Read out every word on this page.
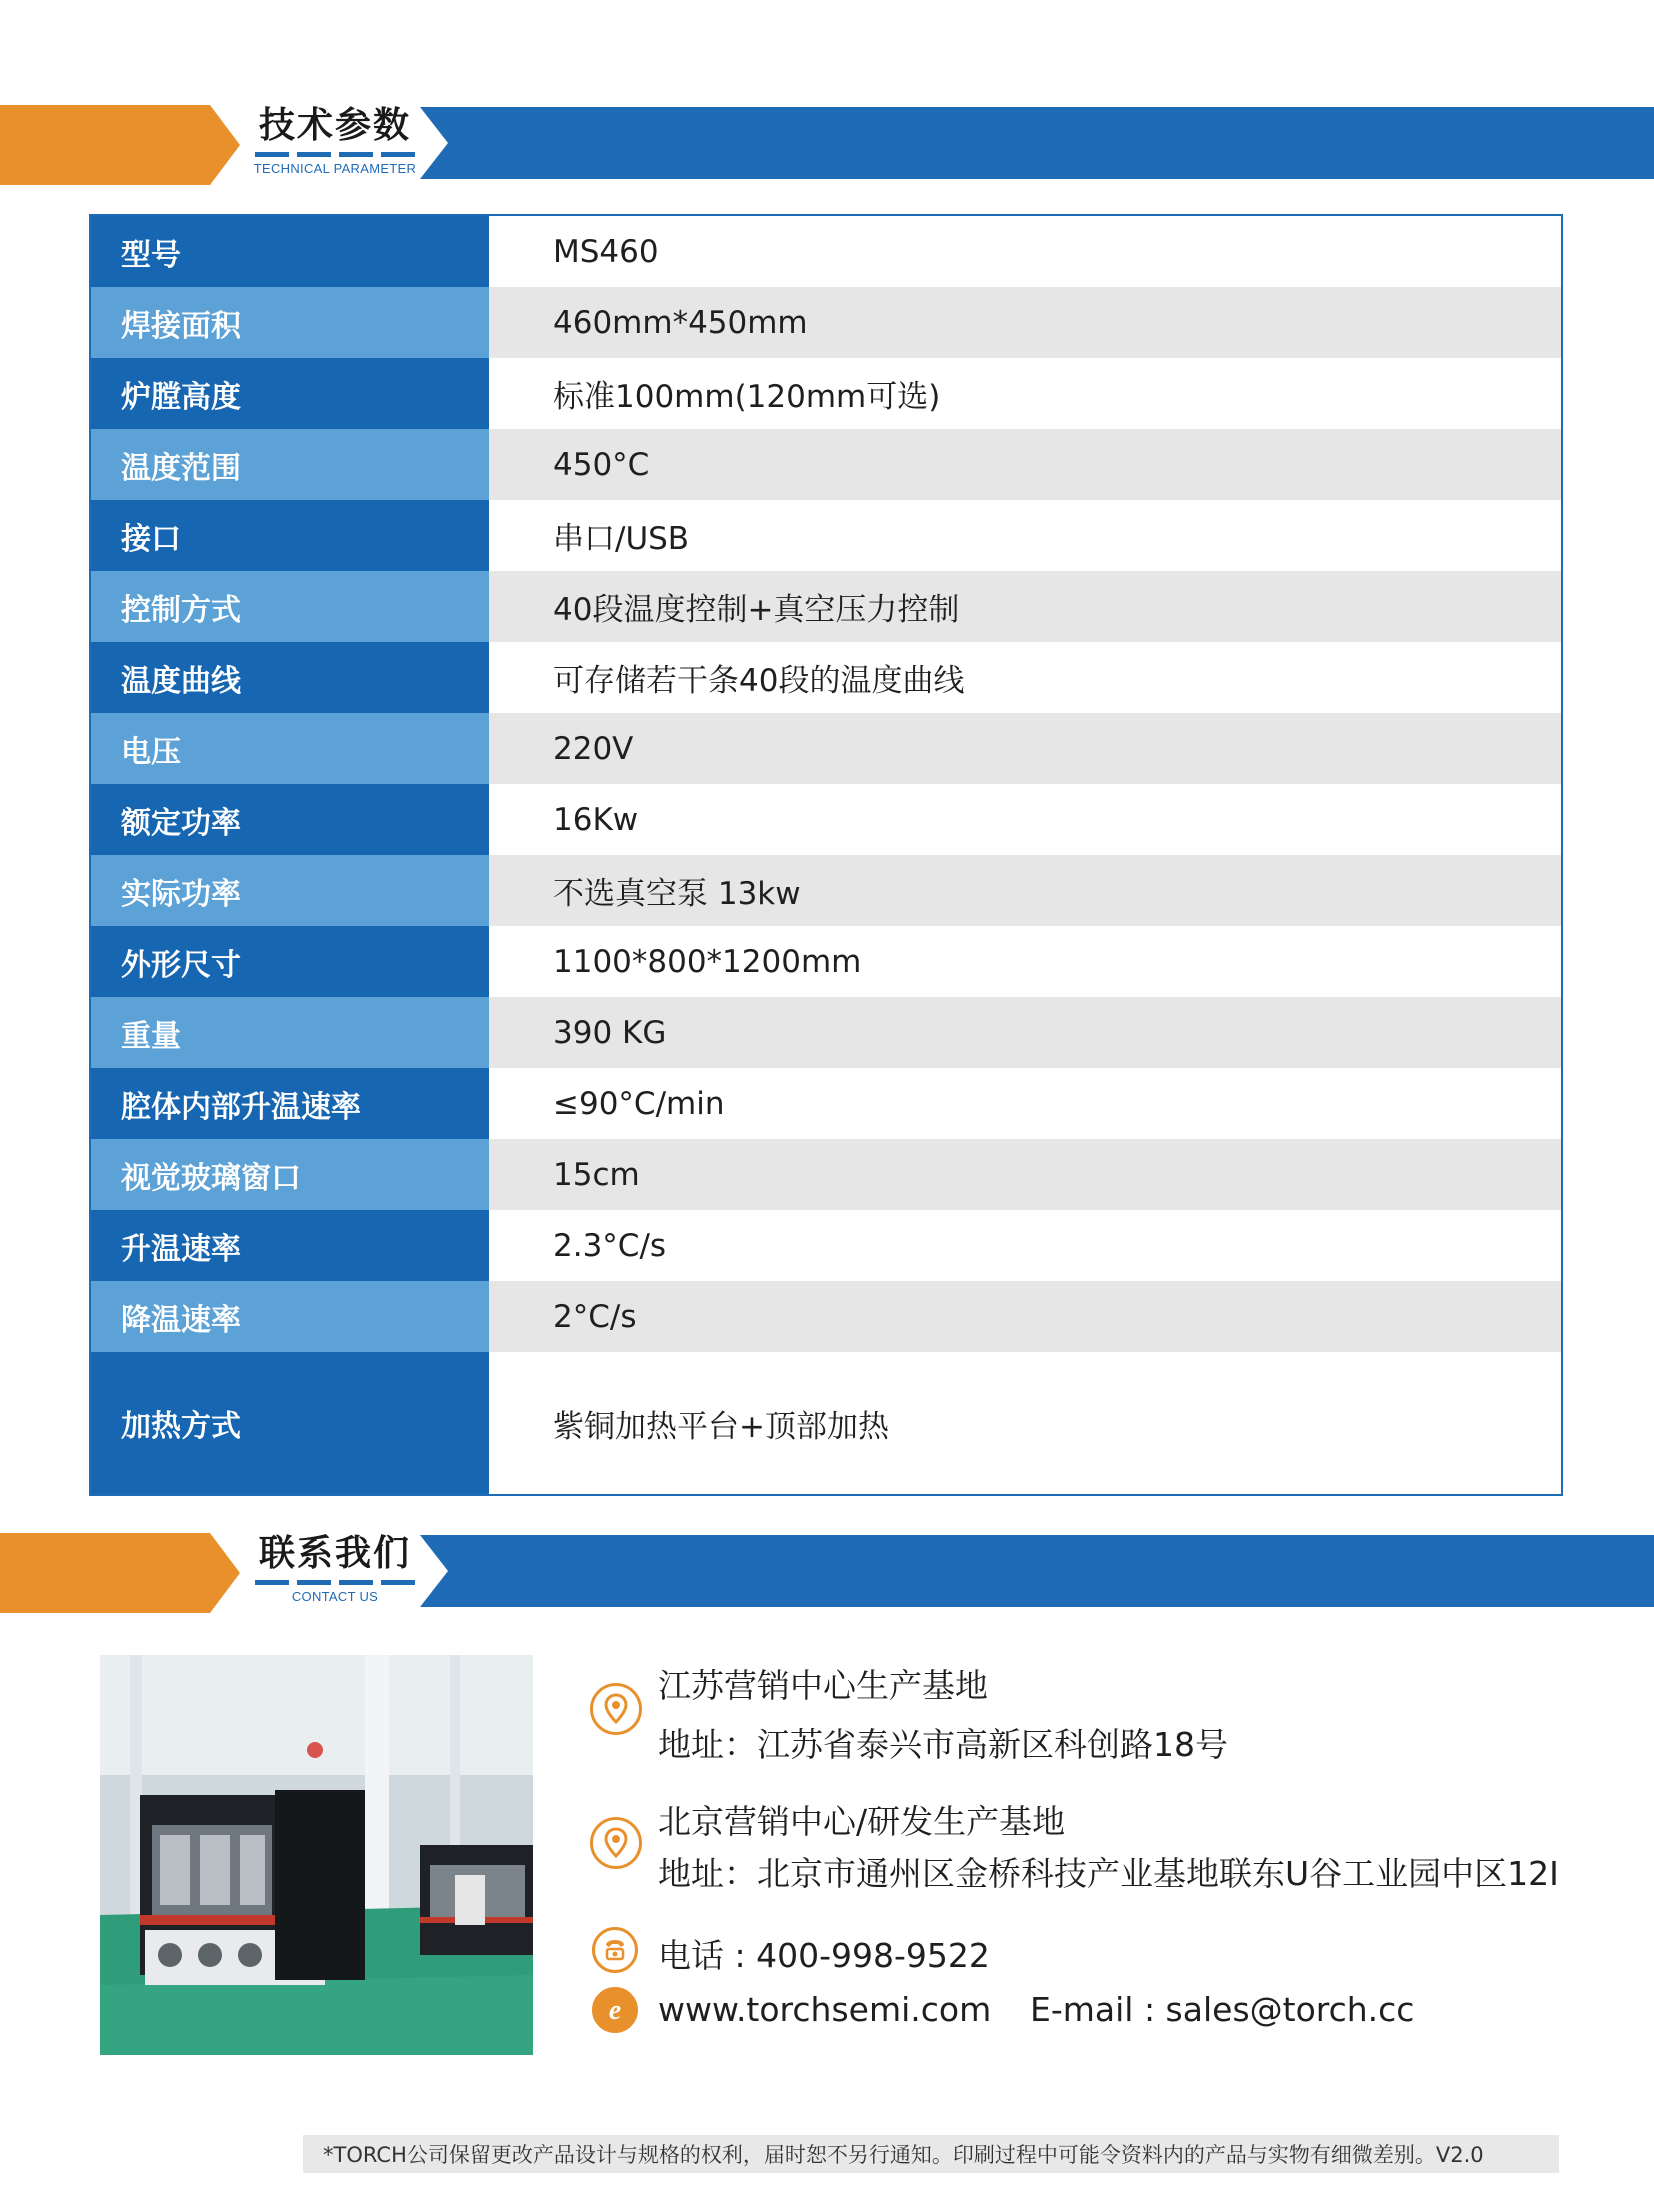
技术参数
TECHNICAL PARAMETER
型号	MS460
焊接面积	460mm*450mm
炉膛高度	标准100mm(120mm可选)
温度范围	450°C
接口	串口/USB
控制方式	40段温度控制+真空压力控制
温度曲线	可存储若干条40段的温度曲线
电压	220V
额定功率	16Kw
实际功率	不选真空泵 13kw
外形尺寸	1100*800*1200mm
重量	390 KG
腔体内部升温速率	≤90°C/min
视觉玻璃窗口	15cm
升温速率	2.3°C/s
降温速率	2°C/s
加热方式	紫铜加热平台+顶部加热
联系我们
CONTACT US
江苏营销中心生产基地
地址：江苏省泰兴市高新区科创路18号
北京营销中心/研发生产基地
地址：北京市通州区金桥科技产业基地联东U谷工业园中区12I
电话 : 400-998-9522
e www.torchsemi.com E-mail : sales@torch.cc
*TORCH公司保留更改产品设计与规格的权利，届时恕不另行通知。印刷过程中可能令资料内的产品与实物有细微差别。V2.0
